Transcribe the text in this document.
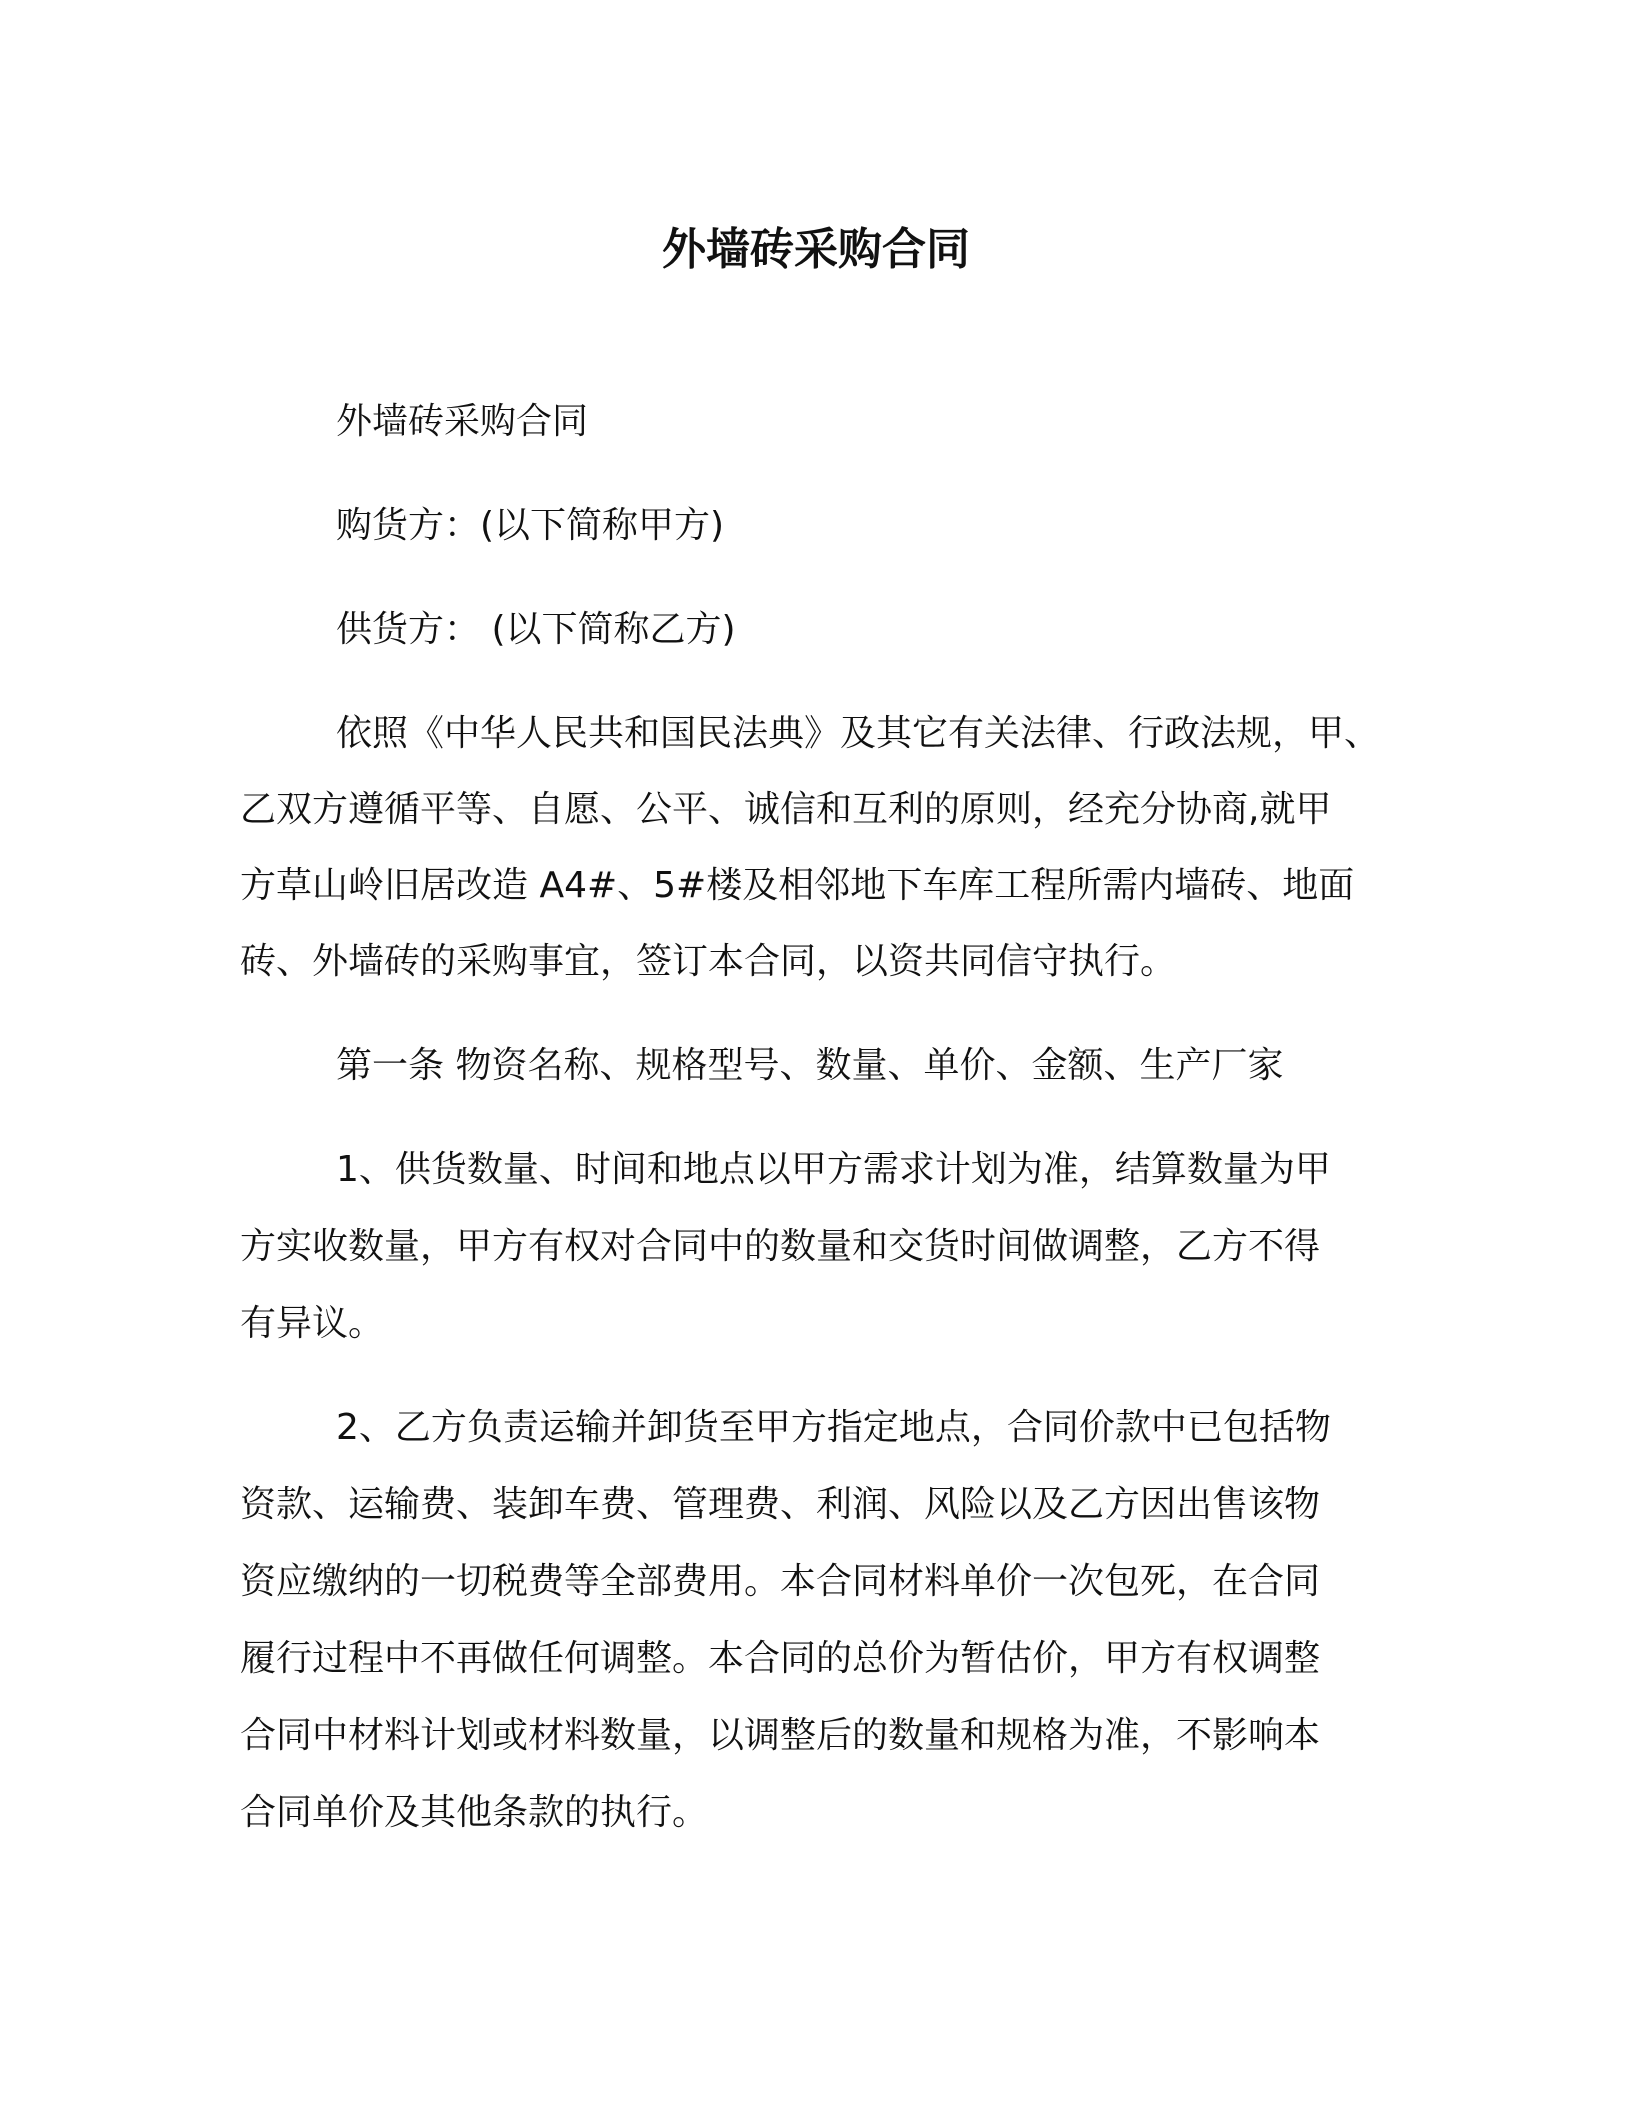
外墙砖采购合同

外墙砖采购合同

购货方：(以下简称甲方)

供货方： (以下简称乙方)

依照《中华人民共和国民法典》及其它有关法律、行政法规，甲、

乙双方遵循平等、自愿、公平、诚信和互利的原则，经充分协商,就甲

方草山岭旧居改造 A4#、5#楼及相邻地下车库工程所需内墙砖、地面

砖、外墙砖的采购事宜，签订本合同，以资共同信守执行。

第一条 物资名称、规格型号、数量、单价、金额、生产厂家

1、供货数量、时间和地点以甲方需求计划为准，结算数量为甲

方实收数量，甲方有权对合同中的数量和交货时间做调整，乙方不得

有异议。

2、乙方负责运输并卸货至甲方指定地点，合同价款中已包括物

资款、运输费、装卸车费、管理费、利润、风险以及乙方因出售该物

资应缴纳的一切税费等全部费用。本合同材料单价一次包死，在合同

履行过程中不再做任何调整。本合同的总价为暂估价，甲方有权调整

合同中材料计划或材料数量，以调整后的数量和规格为准，不影响本

合同单价及其他条款的执行。
